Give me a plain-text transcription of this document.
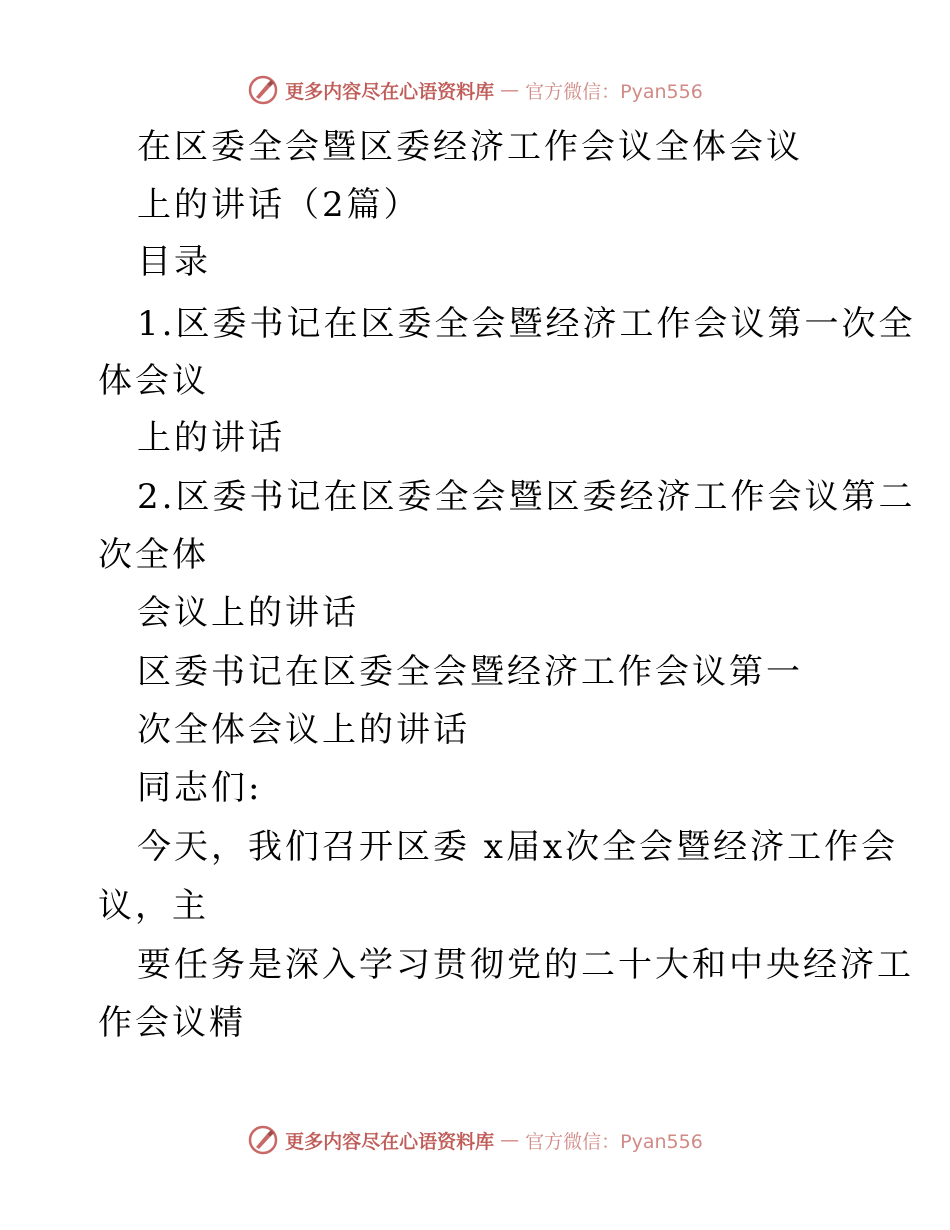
更多内容尽在心语资料库 — 官方微信：Pyan556
在区委全会暨区委经济工作会议全体会议
上的讲话（2篇）
目录
1.区委书记在区委全会暨经济工作会议第一次全
体会议
上的讲话
2.区委书记在区委全会暨区委经济工作会议第二
次全体
会议上的讲话
区委书记在区委全会暨经济工作会议第一
次全体会议上的讲话
同志们:
今天，我们召开区委 x届x次全会暨经济工作会
议，主
要任务是深入学习贯彻党的二十大和中央经济工
作会议精
更多内容尽在心语资料库 — 官方微信：Pyan556
